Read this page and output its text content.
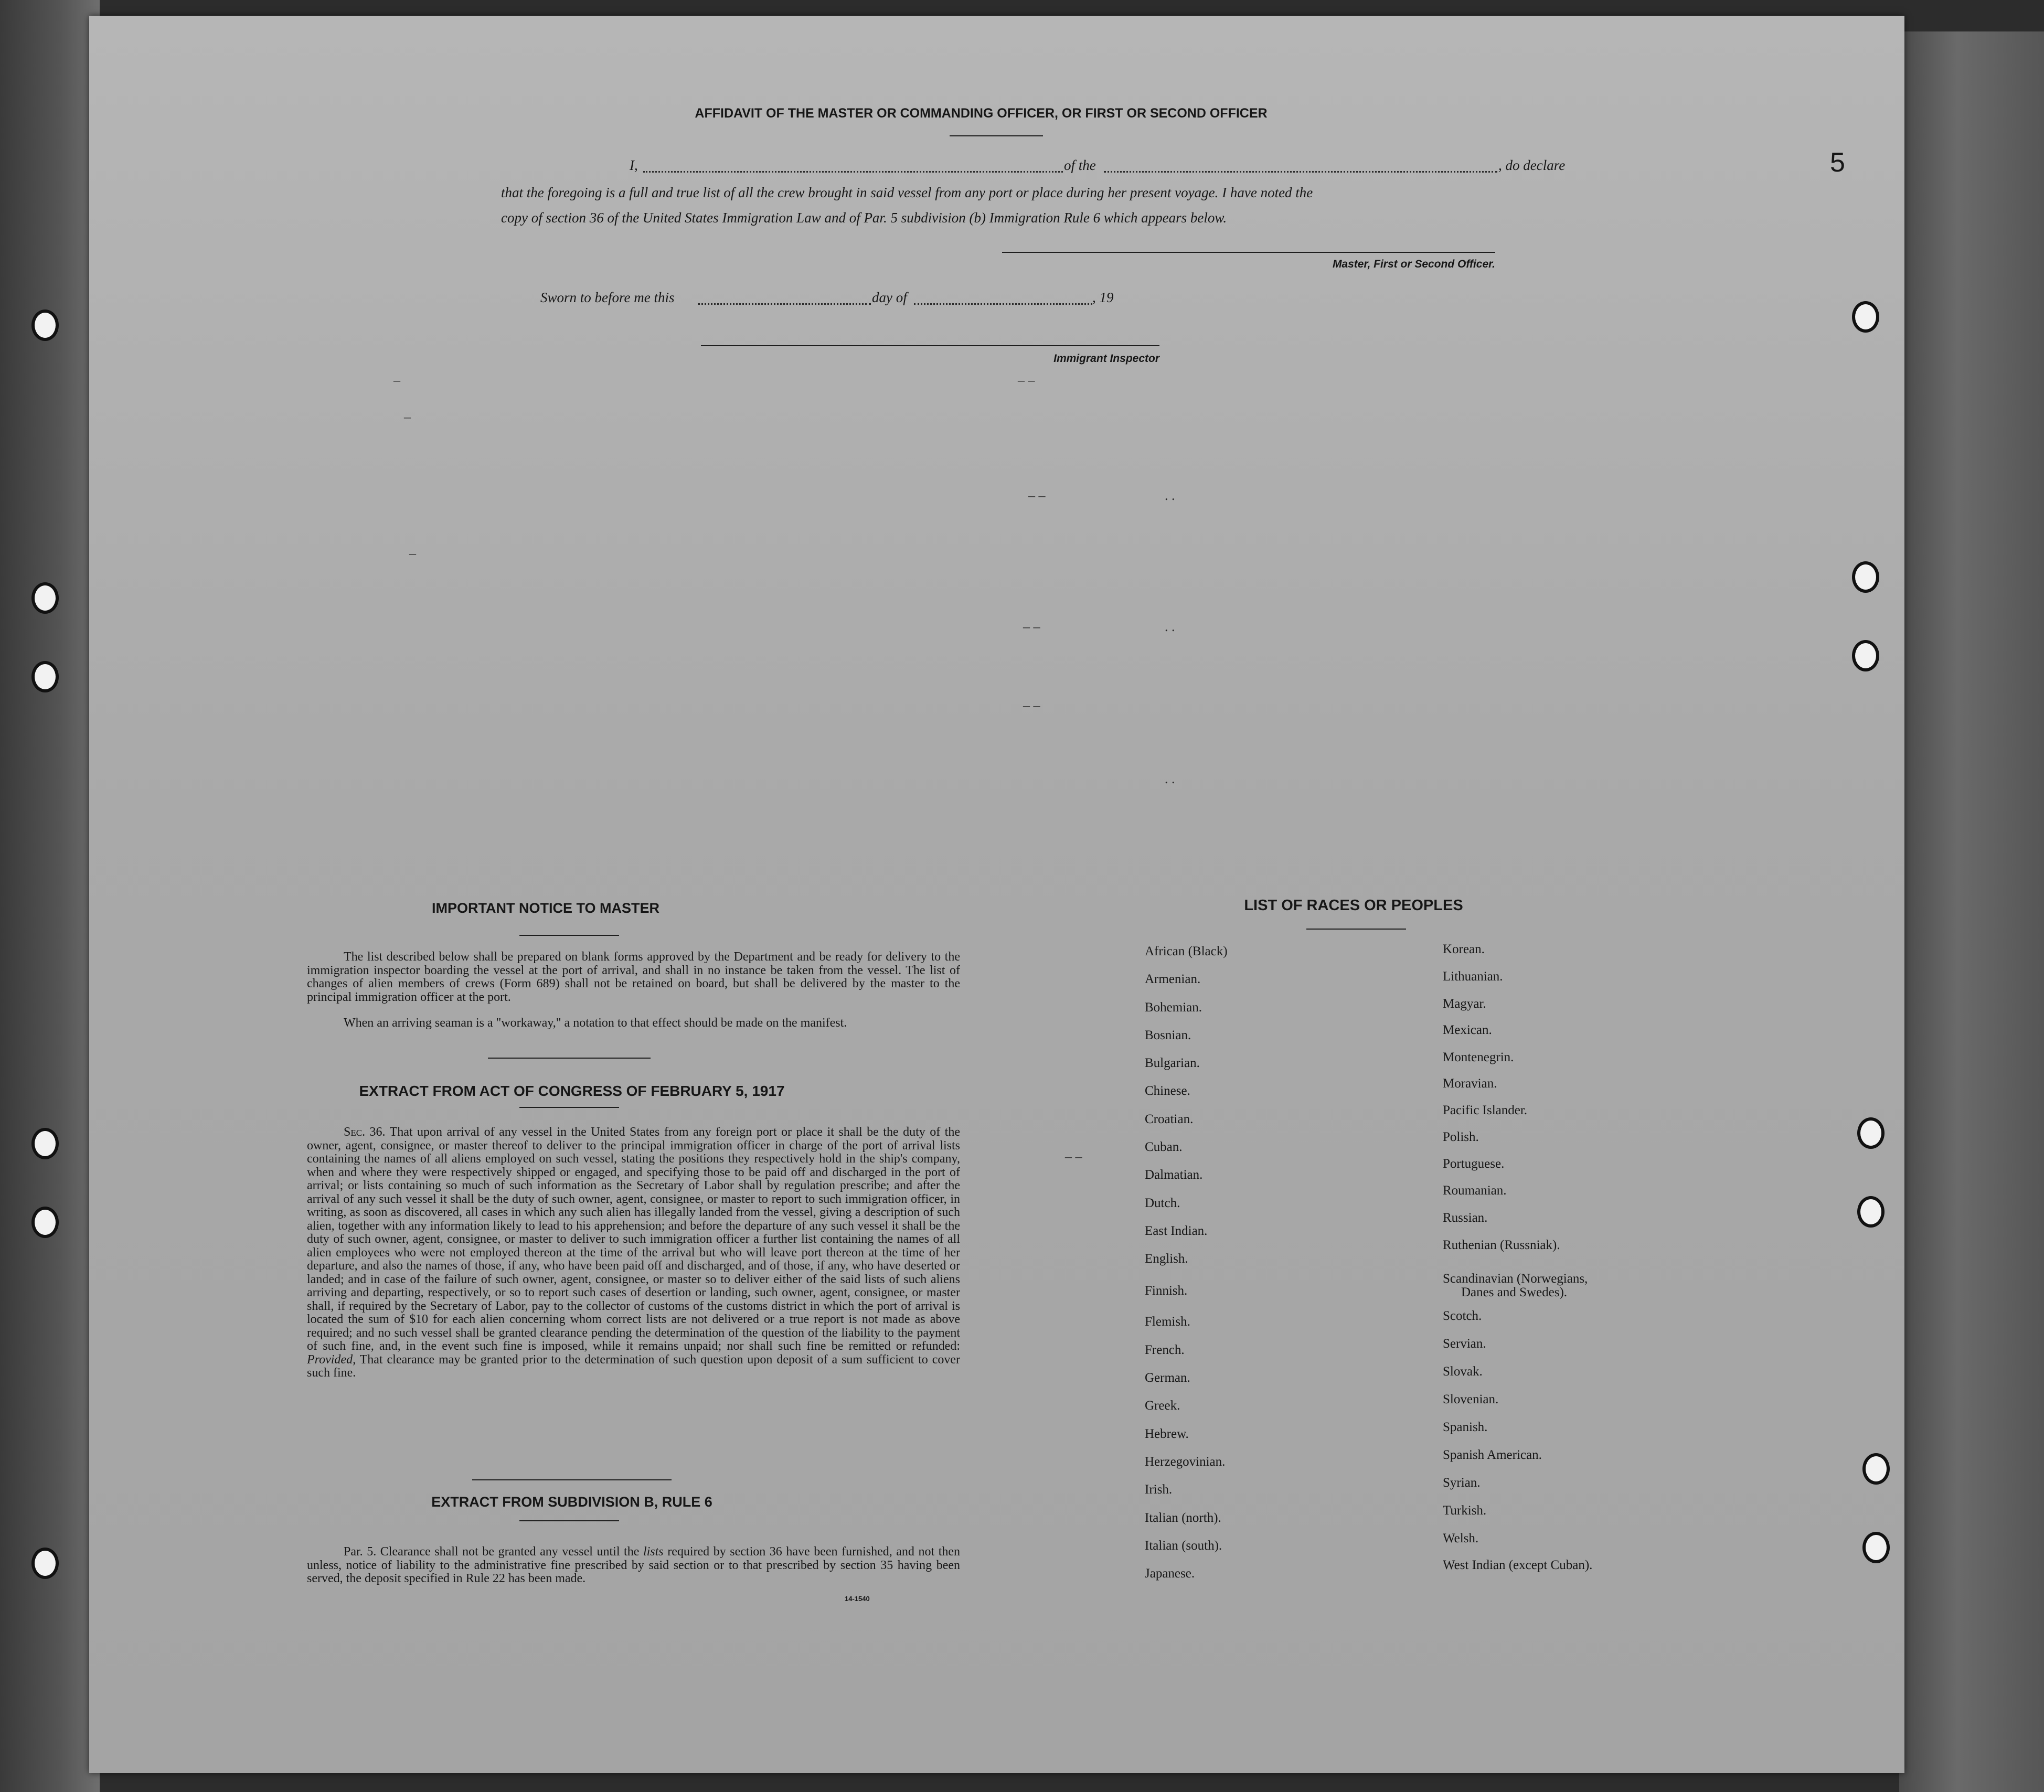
AFFIDAVIT OF THE MASTER OR COMMANDING OFFICER, OR FIRST OR SECOND OFFICER
I,	of the	, do declare
that the foregoing is a full and true list of all the crew brought in said vessel from any port or place during her present voyage. I have noted the
copy of section 36 of the United States Immigration Law and of Par. 5 subdivision (b) Immigration Rule 6 which appears below.
Master, First or Second Officer.
Sworn to before me this	day of	, 19
Immigrant Inspector
–	– –
–
– –	. .
–
– –	. .
– –
. .
– –
IMPORTANT NOTICE TO MASTER
The list described below shall be prepared on blank forms approved by the Department and be ready for delivery to the immigration inspector boarding the vessel at the port of arrival, and shall in no instance be taken from the vessel. The list of changes of alien members of crews (Form 689) shall not be retained on board, but shall be delivered by the master to the principal immigration officer at the port.
When an arriving seaman is a "workaway," a notation to that effect should be made on the manifest.
EXTRACT FROM ACT OF CONGRESS OF FEBRUARY 5, 1917
Sec. 36. That upon arrival of any vessel in the United States from any foreign port or place it shall be the duty of the owner, agent, consignee, or master thereof to deliver to the principal immigration officer in charge of the port of arrival lists containing the names of all aliens employed on such vessel, stating the positions they respectively hold in the ship's company, when and where they were respectively shipped or engaged, and specifying those to be paid off and discharged in the port of arrival; or lists containing so much of such information as the Secretary of Labor shall by regulation prescribe; and after the arrival of any such vessel it shall be the duty of such owner, agent, consignee, or master to report to such immigration officer, in writing, as soon as discovered, all cases in which any such alien has illegally landed from the vessel, giving a description of such alien, together with any information likely to lead to his apprehension; and before the departure of any such vessel it shall be the duty of such owner, agent, consignee, or master to deliver to such immigration officer a further list containing the names of all alien employees who were not employed thereon at the time of the arrival but who will leave port thereon at the time of her departure, and also the names of those, if any, who have been paid off and discharged, and of those, if any, who have deserted or landed; and in case of the failure of such owner, agent, consignee, or master so to deliver either of the said lists of such aliens arriving and departing, respectively, or so to report such cases of desertion or landing, such owner, agent, consignee, or master shall, if required by the Secretary of Labor, pay to the collector of customs of the customs district in which the port of arrival is located the sum of $10 for each alien concerning whom correct lists are not delivered or a true report is not made as above required; and no such vessel shall be granted clearance pending the determination of the question of the liability to the payment of such fine, and, in the event such fine is imposed, while it remains unpaid; nor shall such fine be remitted or refunded: Provided, That clearance may be granted prior to the determination of such question upon deposit of a sum sufficient to cover such fine.
EXTRACT FROM SUBDIVISION B, RULE 6
Par. 5. Clearance shall not be granted any vessel until the lists required by section 36 have been furnished, and not then unless, notice of liability to the administrative fine prescribed by said section or to that prescribed by section 35 having been served, the deposit specified in Rule 22 has been made.
14-1540
LIST OF RACES OR PEOPLES
Danes and Swedes).
5
African (Black)
Armenian.
Bohemian.
Bosnian.
Bulgarian.
Chinese.
Croatian.
Cuban.
Dalmatian.
Dutch.
East Indian.
English.
Finnish.
Flemish.
French.
German.
Greek.
Hebrew.
Herzegovinian.
Irish.
Italian (north).
Italian (south).
Japanese.
Korean.
Lithuanian.
Magyar.
Mexican.
Montenegrin.
Moravian.
Pacific Islander.
Polish.
Portuguese.
Roumanian.
Russian.
Ruthenian (Russniak).
Scandinavian (Norwegians,
Scotch.
Servian.
Slovak.
Slovenian.
Spanish.
Spanish American.
Syrian.
Turkish.
Welsh.
West Indian (except Cuban).
